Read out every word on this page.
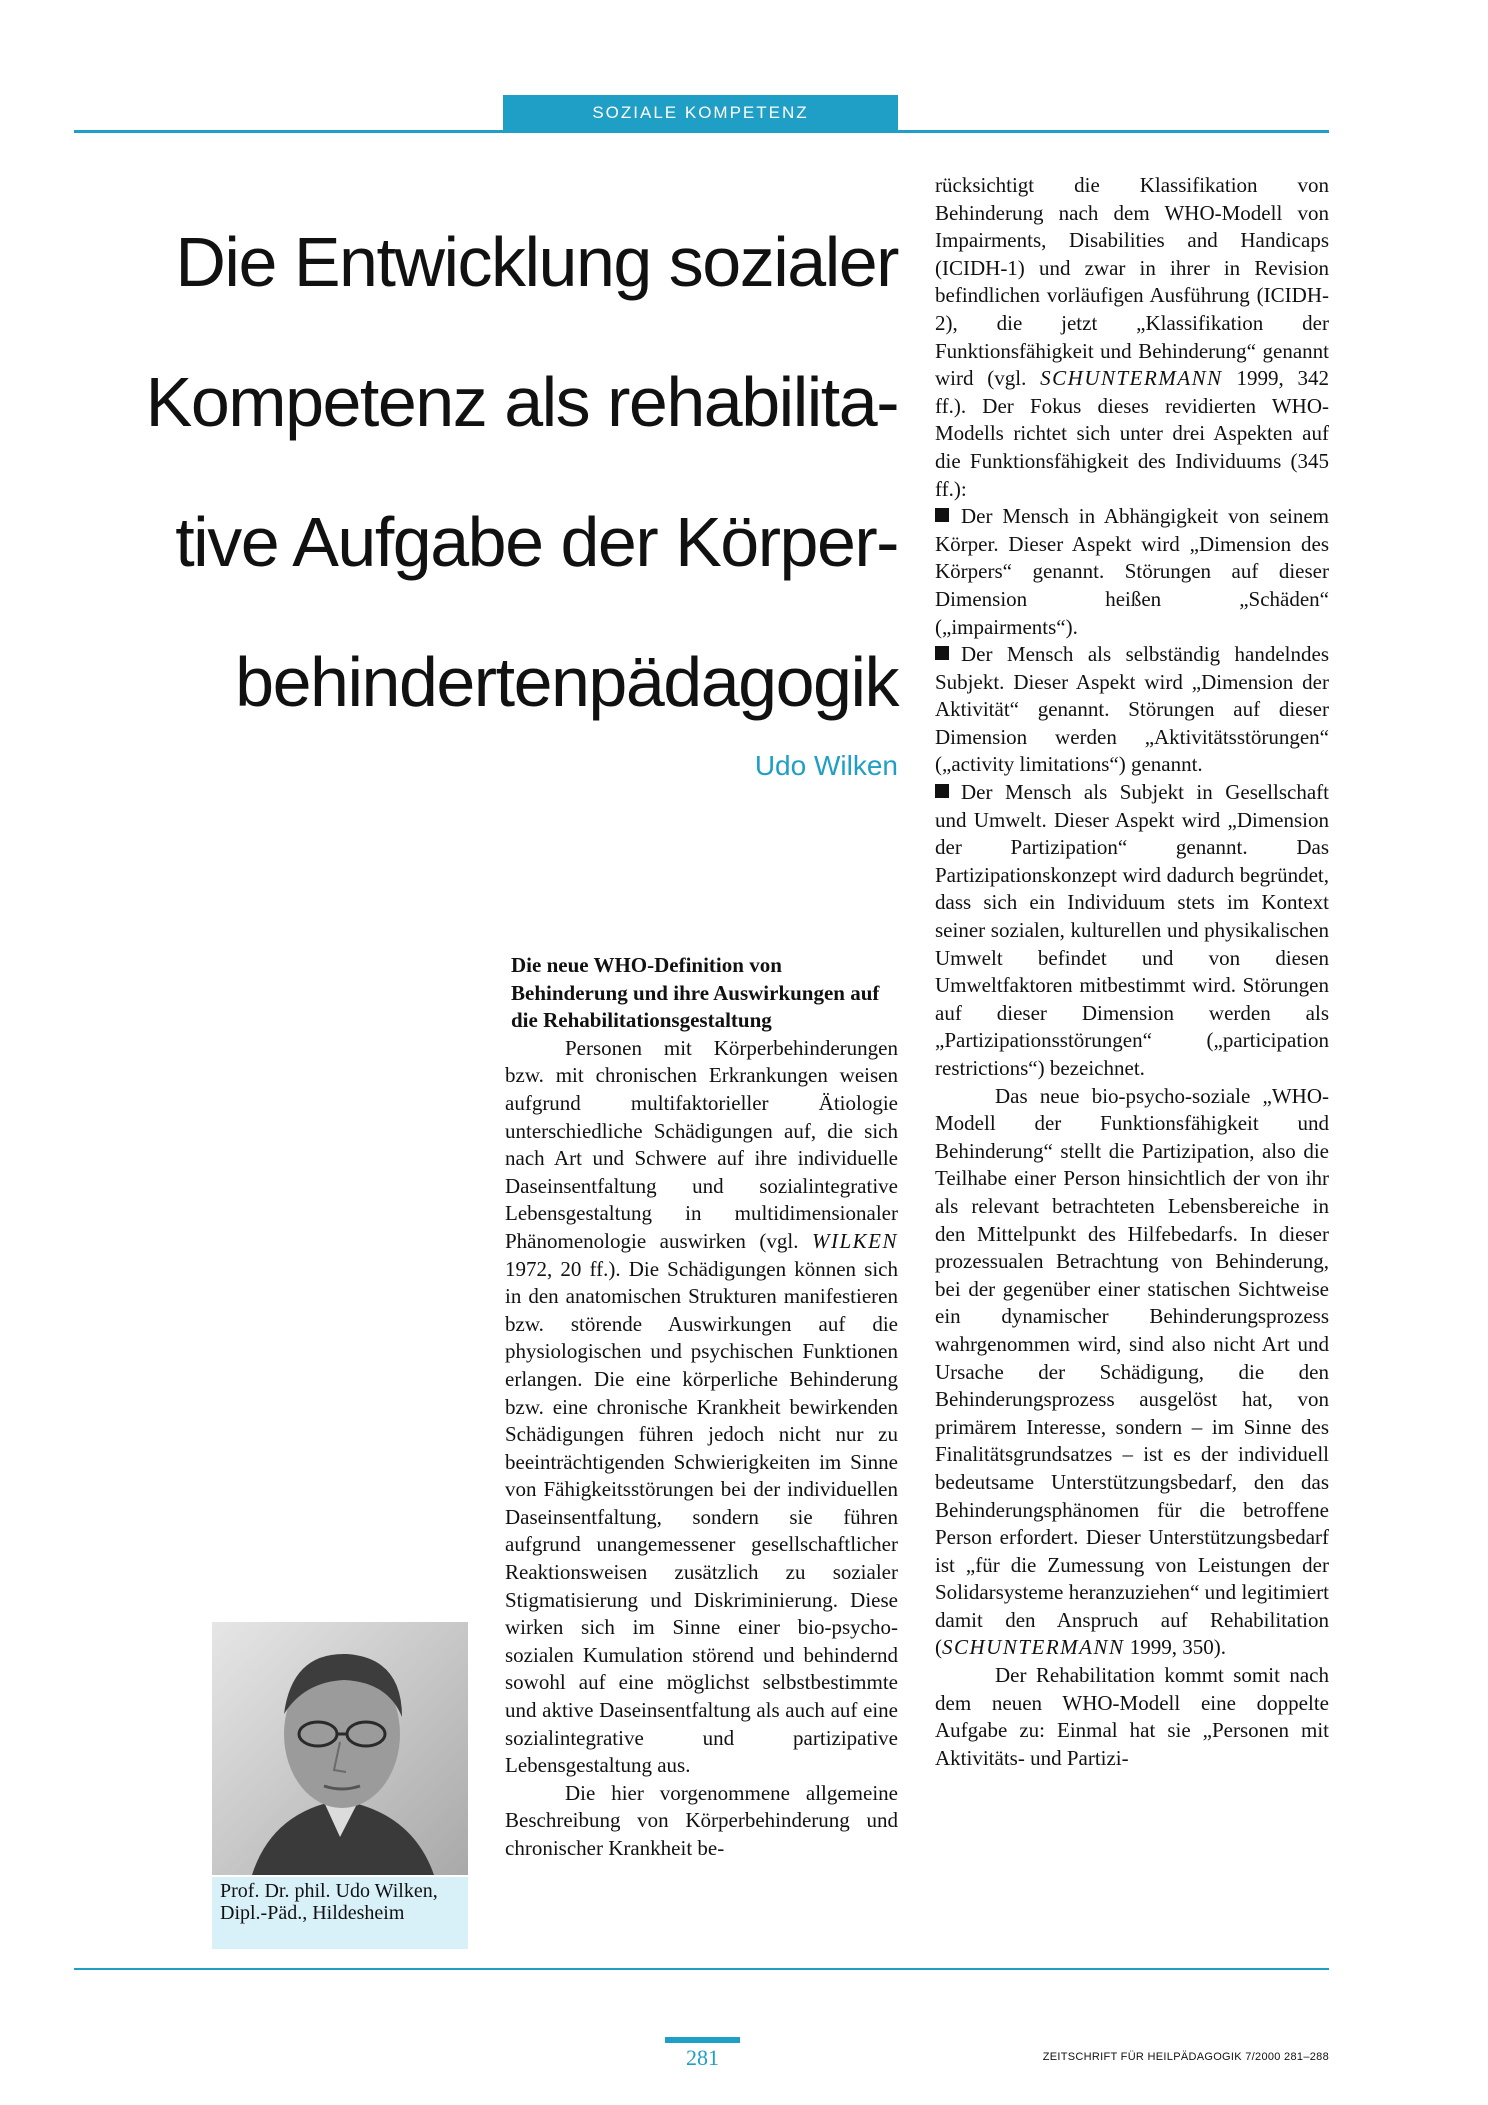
SOZIALE KOMPETENZ
Die Entwicklung sozialer
Kompetenz als rehabilita-
tive Aufgabe der Körper-
behindertenpädagogik
Udo Wilken
Prof. Dr. phil. Udo Wilken, Dipl.-Päd., Hildesheim
Die neue WHO-Definition von Behinderung und ihre Auswirkungen auf die Rehabilitationsgestaltung

Personen mit Körperbehinderungen bzw. mit chronischen Erkrankungen weisen aufgrund multifaktorieller Ätiologie unterschiedliche Schädigungen auf, die sich nach Art und Schwere auf ihre individuelle Daseinsentfaltung und sozialintegrative Lebensgestaltung in multidimensionaler Phänomenologie auswirken (vgl. WILKEN 1972, 20 ff.). Die Schädigungen können sich in den anatomischen Strukturen manifestieren bzw. störende Auswirkungen auf die physiologischen und psychischen Funktionen erlangen. Die eine körperliche Behinderung bzw. eine chronische Krankheit bewirkenden Schädigungen führen jedoch nicht nur zu beeinträchtigenden Schwierigkeiten im Sinne von Fähigkeitsstörungen bei der individuellen Daseinsentfaltung, sondern sie führen aufgrund unangemessener gesellschaftlicher Reaktionsweisen zusätzlich zu sozialer Stigmatisierung und Diskriminierung. Diese wirken sich im Sinne einer bio-psycho-sozialen Kumulation störend und behindernd sowohl auf eine möglichst selbstbestimmte und aktive Daseinsentfaltung als auch auf eine sozialintegrative und partizipative Lebensgestaltung aus.

Die hier vorgenommene allgemeine Beschreibung von Körperbehinderung und chronischer Krankheit be-

rücksichtigt die Klassifikation von Behinderung nach dem WHO-Modell von Impairments, Disabilities and Handicaps (ICIDH-1) und zwar in ihrer in Revision befindlichen vorläufigen Ausführung (ICIDH-2), die jetzt „Klassifikation der Funktionsfähigkeit und Behinderung“ genannt wird (vgl. SCHUNTERMANN 1999, 342 ff.). Der Fokus dieses revidierten WHO-Modells richtet sich unter drei Aspekten auf die Funktionsfähigkeit des Individuums (345 ff.):

Der Mensch in Abhängigkeit von seinem Körper. Dieser Aspekt wird „Dimension des Körpers“ genannt. Störungen auf dieser Dimension heißen „Schäden“ („impairments“).

Der Mensch als selbständig handelndes Subjekt. Dieser Aspekt wird „Dimension der Aktivität“ genannt. Störungen auf dieser Dimension werden „Aktivitätsstörungen“ („activity limitations“) genannt.

Der Mensch als Subjekt in Gesellschaft und Umwelt. Dieser Aspekt wird „Dimension der Partizipation“ genannt. Das Partizipationskonzept wird dadurch begründet, dass sich ein Individuum stets im Kontext seiner sozialen, kulturellen und physikalischen Umwelt befindet und von diesen Umweltfaktoren mitbestimmt wird. Störungen auf dieser Dimension werden als „Partizipationsstörungen“ („participation restrictions“) bezeichnet.

Das neue bio-psycho-soziale „WHO-Modell der Funktionsfähigkeit und Behinderung“ stellt die Partizipation, also die Teilhabe einer Person hinsichtlich der von ihr als relevant betrachteten Lebensbereiche in den Mittelpunkt des Hilfebedarfs. In dieser prozessualen Betrachtung von Behinderung, bei der gegenüber einer statischen Sichtweise ein dynamischer Behinderungsprozess wahrgenommen wird, sind also nicht Art und Ursache der Schädigung, die den Behinderungsprozess ausgelöst hat, von primärem Interesse, sondern – im Sinne des Finalitätsgrundsatzes – ist es der individuell bedeutsame Unterstützungsbedarf, den das Behinderungsphänomen für die betroffene Person erfordert. Dieser Unterstützungsbedarf ist „für die Zumessung von Leistungen der Solidarsysteme heranzuziehen“ und legitimiert damit den Anspruch auf Rehabilitation (SCHUNTERMANN 1999, 350).

Der Rehabilitation kommt somit nach dem neuen WHO-Modell eine doppelte Aufgabe zu: Einmal hat sie „Personen mit Aktivitäts- und Partizi-

281	ZEITSCHRIFT FÜR HEILPÄDAGOGIK 7/2000 281–288
